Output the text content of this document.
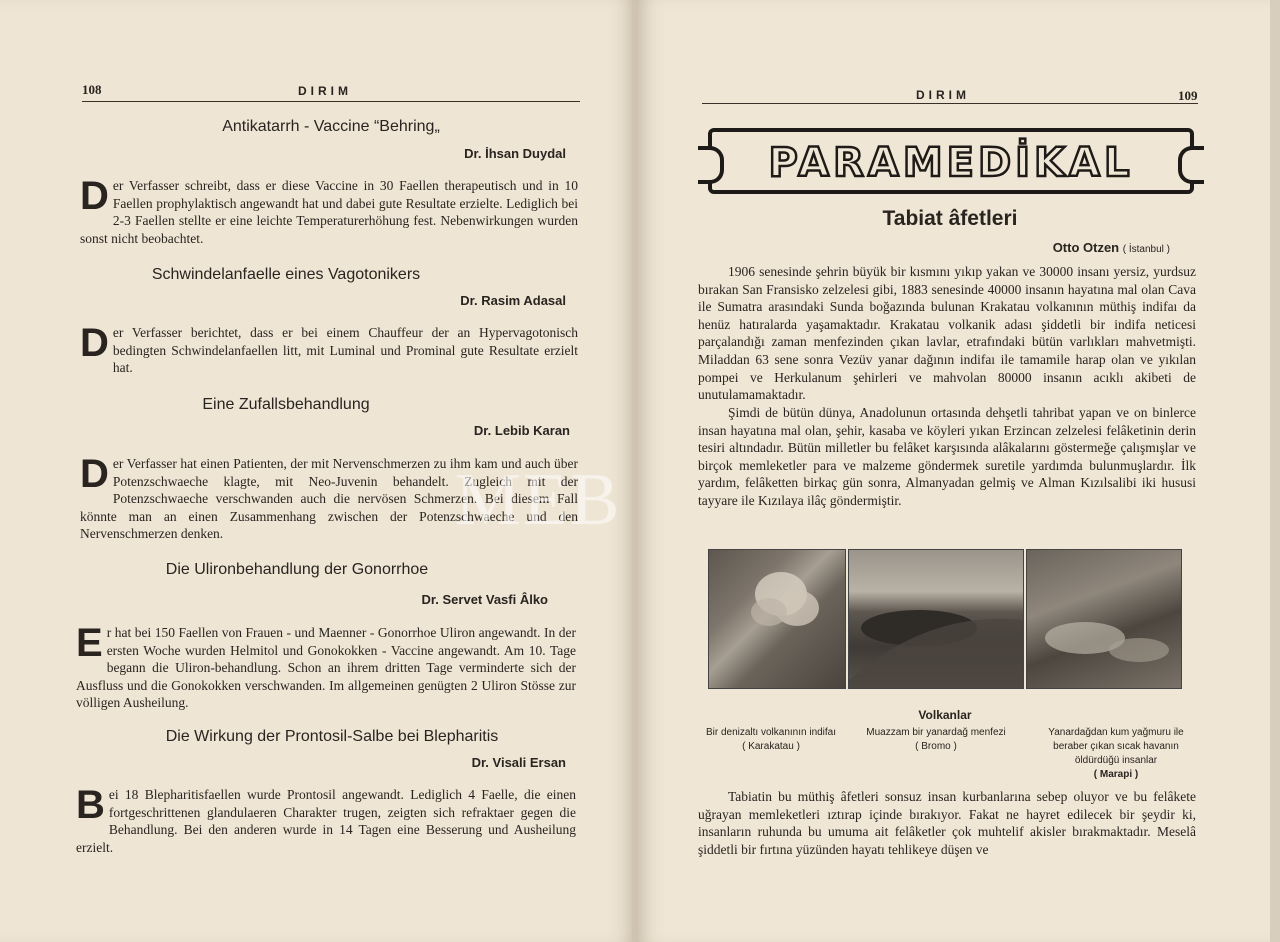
108	DIRIM
Antikatarrh - Vaccine “Behring„
Dr. İhsan Duydal
Der Verfasser schreibt, dass er diese Vaccine in 30 Faellen therapeutisch und in 10 Faellen prophylaktisch angewandt hat und dabei gute Resultate erzielte. Lediglich bei 2-3 Faellen stellte er eine leichte Temperaturerhöhung fest. Nebenwirkungen wurden sonst nicht beobachtet.
Schwindelanfaelle eines Vagotonikers
Dr. Rasim Adasal
Der Verfasser berichtet, dass er bei einem Chauffeur der an Hypervagotonisch bedingten Schwindelanfaellen litt, mit Luminal und Prominal gute Resultate erzielt hat.
Eine Zufallsbehandlung
Dr. Lebib Karan
Der Verfasser hat einen Patienten, der mit Nervenschmerzen zu ihm kam und auch über Potenzschwaeche klagte, mit Neo-Juvenin behandelt. Zugleich mit der Potenzschwaeche verschwanden auch die nervösen Schmerzen. Bei diesem Fall könnte man an einen Zusammenhang zwischen der Potenzschwaeche und den Nervenschmerzen denken.
Die Ulironbehandlung der Gonorrhoe
Dr. Servet Vasfi Âlko
Er hat bei 150 Faellen von Frauen - und Maenner - Gonorrhoe Uliron angewandt. In der ersten Woche wurden Helmitol und Gonokokken - Vaccine angewandt. Am 10. Tage begann die Uliron-behandlung. Schon an ihrem dritten Tage verminderte sich der Ausfluss und die Gonokokken verschwanden. Im allgemeinen genügten 2 Uliron Stösse zur völligen Ausheilung.
Die Wirkung der Prontosil-Salbe bei Blepharitis
Dr. Visali Ersan
Bei 18 Blepharitisfaellen wurde Prontosil angewandt. Lediglich 4 Faelle, die einen fortgeschrittenen glandulaeren Charakter trugen, zeigten sich refraktaer gegen die Behandlung. Bei den anderen wurde in 14 Tagen eine Besserung und Ausheilung erzielt.
DIRIM	109
PARAMEDİKAL
Tabiat âfetleri
Otto Otzen ( İstanbul )
1906 senesinde şehrin büyük bir kısmını yıkıp yakan ve 30000 insanı yersiz, yurdsuz bırakan San Fransisko zelzelesi gibi, 1883 senesinde 40000 insanın hayatına mal olan Cava ile Sumatra arasındaki Sunda boğazında bulunan Krakatau volkanının müthiş indifaı da henüz hatıralarda yaşamaktadır. Krakatau volkanik adası şiddetli bir indifa neticesi parçalandığı zaman menfezinden çıkan lavlar, etrafındaki bütün varlıkları mahvetmişti. Miladdan 63 sene sonra Vezüv yanar dağının indifaı ile tamamile harap olan ve yıkılan pompei ve Herkulanum şehirleri ve mahvolan 80000 insanın acıklı akibeti de unutulamamaktadır.
Şimdi de bütün dünya, Anadolunun ortasında dehşetli tahribat yapan ve on binlerce insan hayatına mal olan, şehir, kasaba ve köyleri yıkan Erzincan zelzelesi felâketinin derin tesiri altındadır. Bütün milletler bu felâket karşısında alâkalarını göstermeğe çalışmışlar ve birçok memleketler para ve malzeme göndermek suretile yardımda bulunmuşlardır. İlk yardım, felâketten birkaç gün sonra, Almanyadan gelmiş ve Alman Kızılsalibi iki hususi tayyare ile Kızılaya ilâç göndermiştir.
Volkanlar
Bir denizaltı volkanının indifaı ( Karakatau )
Muazzam bir yanardağ menfezi ( Bromo )
Yanardağdan kum yağmuru ile beraber çıkan sıcak havanın öldürdüğü insanlar
( Marapi )
Tabiatin bu müthiş âfetleri sonsuz insan kurbanlarına sebep oluyor ve bu felâkete uğrayan memleketleri ıztırap içinde bırakıyor. Fakat ne hayret edilecek bir şeydir ki, insanların ruhunda bu umuma ait felâketler çok muhtelif akisler bırakmaktadır. Meselâ şiddetli bir fırtına yüzünden hayatı tehlikeye düşen ve
MEB
